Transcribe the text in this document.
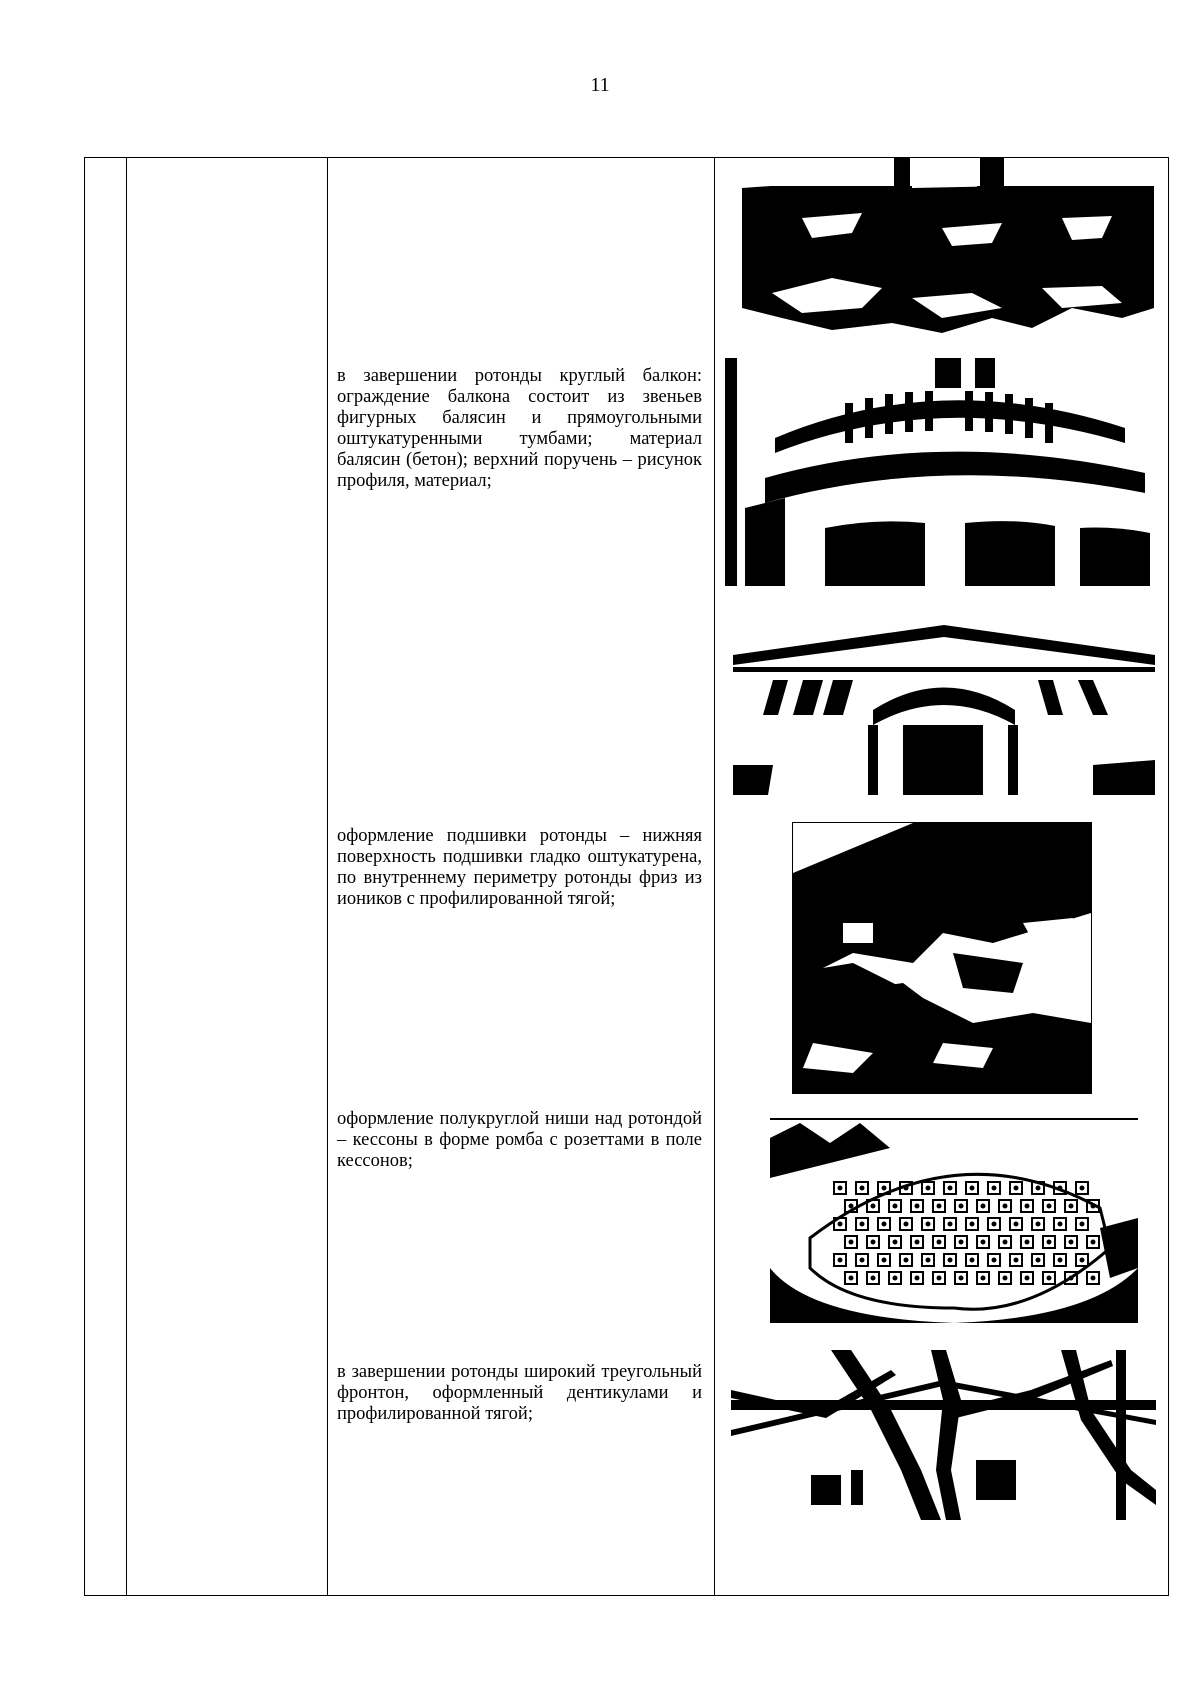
11
в завершении ротонды круглый балкон: ограждение балкона состоит из звеньев фигурных балясин и прямоугольными оштукатуренными тумбами; материал балясин (бетон); верхний поручень – рисунок профиля, материал;
оформление подшивки ротонды – нижняя поверхность подшивки гладко оштукатурена, по внутреннему периметру ротонды фриз из иоников с профилированной тягой;
оформление полукруглой ниши над ротондой – кессоны в форме ромба с розеттами в поле кессонов;
в завершении ротонды широкий треугольный фронтон, оформленный дентикулами и профилированной тягой;
